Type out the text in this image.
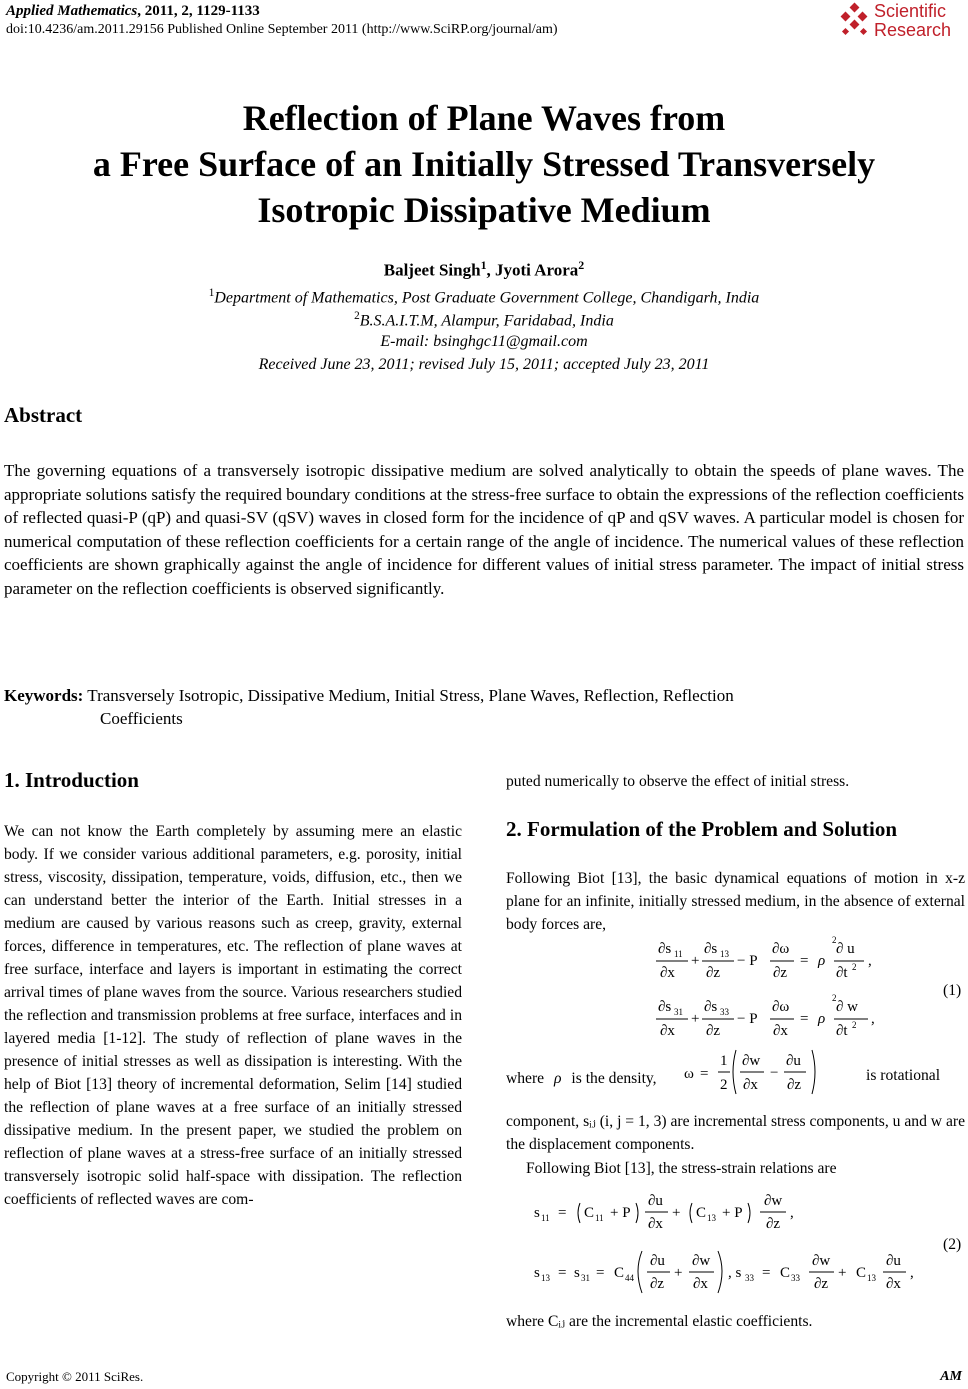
Applied Mathematics, 2011, 2, 1129-1133
doi:10.4236/am.2011.29156 Published Online September 2011 (http://www.SciRP.org/journal/am)
Scientific
Research
Reflection of Plane Waves from
a Free Surface of an Initially Stressed Transversely
Isotropic Dissipative Medium
Baljeet Singh$^1$, Jyoti Arora$^2$
$^1$Department of Mathematics, Post Graduate Government College, Chandigarh, India
$^2$B.S.A.I.T.M, Alampur, Faridabad, India
E-mail: bsinghgc11@gmail.com
Received June 23, 2011; revised July 15, 2011; accepted July 23, 2011
Abstract
The governing equations of a transversely isotropic dissipative medium are solved analytically to obtain the speeds of plane waves. The appropriate solutions satisfy the required boundary conditions at the stress-free surface to obtain the expressions of the reflection coefficients of reflected quasi-P (qP) and quasi-SV (qSV) waves in closed form for the incidence of qP and qSV waves. A particular model is chosen for numerical computation of these reflection coefficients for a certain range of the angle of incidence. The numerical values of these reflection coefficients are shown graphically against the angle of incidence for different values of initial stress parameter. The impact of initial stress parameter on the reflection coefficients is observed significantly.
Keywords: Transversely Isotropic, Dissipative Medium, Initial Stress, Plane Waves, Reflection, Reflection
Coefficients
1. Introduction
We can not know the Earth completely by assuming mere an elastic body. If we consider various additional parameters, e.g. porosity, initial stress, viscosity, dissipation, temperature, voids, diffusion, etc., then we can understand better the interior of the Earth. Initial stresses in a medium are caused by various reasons such as creep, gravity, external forces, difference in temperatures, etc. The reflection of plane waves at free surface, interface and layers is important in estimating the correct arrival times of plane waves from the source. Various researchers studied the reflection and transmission problems at free surface, interfaces and in layered media [1-12]. The study of reflection of plane waves in the presence of initial stresses as well as dissipation is interesting. With the help of Biot [13] theory of incremental deformation, Selim [14] studied the reflection of plane waves at a free surface of an initially stressed dissipative medium. In the present paper, we studied the problem on reflection of plane waves at a stress-free surface of an initially stressed transversely isotropic solid half-space with dissipation. The reflection coefficients of reflected waves are com-
puted numerically to observe the effect of initial stress.
2. Formulation of the Problem and Solution
Following Biot [13], the basic dynamical equations of motion in x-z plane for an infinite, initially stressed medium, in the absence of external body forces are,
∂s 11
∂x
+
∂s 13
∂z
− P
∂ω
∂z
= ρ
2
∂ u
∂t 2 ,
∂s 31
∂x
+
∂s 33
∂z
− P
∂ω
∂x
= ρ
2
∂ w
∂t 2 ,
(1)
where ρ is the density,	ω =
1
2
∂w
∂x
−
∂u
∂z
is rotational
component, sᵢⱼ (i, j = 1, 3) are incremental stress components, u and w are the displacement components.
Following Biot [13], the stress-strain relations are
s 11 = C 11 + P
∂u
∂x
+ C 13 + P
∂w
∂z
,
s 13 = s 31 = C 44
∂u
∂z
+
∂w
∂x
, s 33 = C 33
∂w
∂z
+ C 13
∂u
∂x
,
(2)
where Cᵢⱼ are the incremental elastic coefficients.
Copyright © 2011 SciRes.	AM
